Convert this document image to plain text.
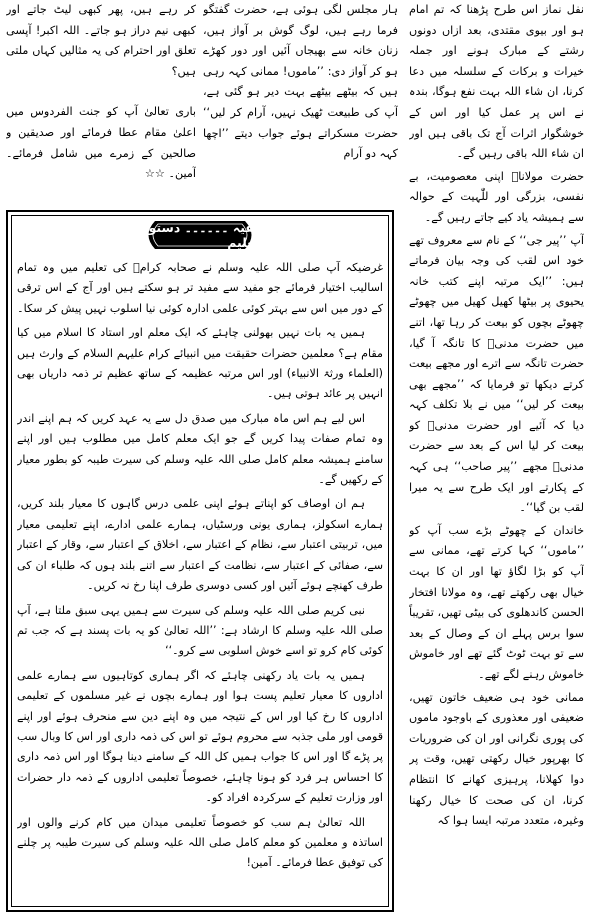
نفل نماز اس طرح پڑھنا کہ تم امام ہو اور بیوی مقتدی، بعد ازاں دونوں رشتے کے مبارک ہونے اور جملہ خیرات و برکات کے سلسلہ میں دعا کرنا، ان شاء اللہ بہت نفع ہوگا، بندہ نے اس پر عمل کیا اور اس کے خوشگوار اثرات آج تک باقی ہیں اور ان شاء اللہ باقی رہیں گے۔

حضرت مولاناؒ اپنی معصومیت، بے نفسی، بزرگی اور للّٰہیت کے حوالہ سے ہمیشہ یاد کیے جاتے رہیں گے۔

آپ ’’پیر جی‘‘ کے نام سے معروف تھے خود اس لقب کی وجہ بیان فرماتے ہیں: ’’ایک مرتبہ اپنے کتب خانہ یحیوی پر بیٹھا کھیل کھیل میں چھوٹے چھوٹے بچوں کو بیعت کر رہا تھا، اتنے میں حضرت مدنیؒ کا تانگہ آ گیا، حضرت تانگہ سے اترے اور مجھے بیعت کرتے دیکھا تو فرمایا کہ ’’مجھے بھی بیعت کر لیں‘‘ میں نے بلا تکلف کہہ دیا کہ آئیے اور حضرت مدنیؒ کو بیعت کر لیا اس کے بعد سے حضرت مدنیؒ مجھے ’’پیر صاحب‘‘ ہی کہہ کے پکارتے اور ایک طرح سے یہ میرا لقب بن گیا‘‘۔

خاندان کے چھوٹے بڑے سب آپ کو ’’ماموں‘‘ کہا کرتے تھے، ممانی سے آپ کو بڑا لگاؤ تھا اور ان کا بہت خیال بھی رکھتے تھے، وہ مولانا افتخار الحسن کاندھلوی کی بیٹی تھیں، تقریباً سوا برس پہلے ان کے وصال کے بعد سے تو بہت ٹوٹ گئے تھے اور خاموش خاموش رہنے لگے تھے۔

ممانی خود ہی ضعیف خاتون تھیں، ضعیفی اور معذوری کے باوجود ماموں کی پوری نگرانی اور ان کی ضروریات کا بھرپور خیال رکھتی تھیں، وقت پر دوا کھلانا، پرہیزی کھانے کا انتظام کرنا، ان کی صحت کا خیال رکھنا وغیرہ، متعدد مرتبہ ایسا ہوا کہ

ہار مجلس لگی ہوئی ہے، حضرت گفتگو فرما رہے ہیں، لوگ گوش بر آواز ہیں، زنان خانہ سے بھیجاں آئیں اور دور کھڑے ہو کر آواز دی: ’’ماموں! ممانی کہہ رہی ہیں کہ بیٹھے بیٹھے بہت دیر ہو گئی ہے، آپ کی طبیعت ٹھیک نہیں، آرام کر لیں‘‘ حضرت مسکراتے ہوئے جواب دیتے ’’اچھا کہہ دو آرام

کر رہے ہیں، پھر کبھی لیٹ جاتے اور کبھی نیم دراز ہو جاتے۔ اللہ اکبر! آپسی تعلق اور احترام کی یہ مثالیں کہاں ملتی ہیں؟

باری تعالیٰ آپ کو جنت الفردوس میں اعلیٰ مقام عطا فرمائے اور صدیقین و صالحین کے زمرے میں شامل فرمائے۔ آمین۔ ☆☆

بقیہ ۔۔۔۔۔۔ دستور تعلیم

غرضیکہ آپ صلی اللہ علیہ وسلم نے صحابہ کرامؓ کی تعلیم میں وہ تمام اسالیب اختیار فرمائے جو مفید سے مفید تر ہو سکتے ہیں اور آج کے اس ترقی کے دور میں اس سے بہتر کوئی علمی ادارہ کوئی نیا اسلوب نہیں پیش کر سکا۔

ہمیں یہ بات نہیں بھولنی چاہئے کہ ایک معلم اور استاد کا اسلام میں کیا مقام ہے؟ معلمین حضرات حقیقت میں انبیائے کرام علیہم السلام کے وارث ہیں (العلماء ورثۃ الانبیاء) اور اس مرتبہ عظیمہ کے ساتھ عظیم تر ذمہ داریاں بھی انہیں پر عائد ہوتی ہیں۔

اس لیے ہم اس ماہ مبارک میں صدق دل سے یہ عہد کریں کہ ہم اپنے اندر وہ تمام صفات پیدا کریں گے جو ایک معلم کامل میں مطلوب ہیں اور اپنے سامنے ہمیشہ معلم کامل صلی اللہ علیہ وسلم کی سیرت طیبہ کو بطور معیار کے رکھیں گے۔

ہم ان اوصاف کو اپناتے ہوئے اپنی علمی درس گاہوں کا معیار بلند کریں، ہمارے اسکولز، ہماری یونی ورسٹیاں، ہمارے علمی ادارے، اپنے تعلیمی معیار میں، تربیتی اعتبار سے، نظام کے اعتبار سے، اخلاق کے اعتبار سے، وقار کے اعتبار سے، صفائی کے اعتبار سے، نظامت کے اعتبار سے اتنے بلند ہوں کہ طلباء ان کی طرف کھنچے ہوئے آئیں اور کسی دوسری طرف اپنا رخ نہ کریں۔

نبی کریم صلی اللہ علیہ وسلم کی سیرت سے ہمیں یہی سبق ملتا ہے، آپ صلی اللہ علیہ وسلم کا ارشاد ہے: ’’اللہ تعالیٰ کو یہ بات پسند ہے کہ جب تم کوئی کام کرو تو اسے خوش اسلوبی سے کرو۔‘‘

ہمیں یہ بات یاد رکھنی چاہئے کہ اگر ہماری کوتاہیوں سے ہمارے علمی اداروں کا معیار تعلیم پست ہوا اور ہمارے بچوں نے غیر مسلموں کے تعلیمی اداروں کا رخ کیا اور اس کے نتیجہ میں وہ اپنے دین سے منحرف ہوئے اور اپنے قومی اور ملی جذبہ سے محروم ہوئے تو اس کی ذمہ داری اور اس کا وبال سب پر پڑے گا اور اس کا جواب ہمیں کل اللہ کے سامنے دینا ہوگا اور اس ذمہ داری کا احساس ہر فرد کو ہونا چاہئے، خصوصاً تعلیمی اداروں کے ذمہ دار حضرات اور وزارت تعلیم کے سرکردہ افراد کو۔

اللہ تعالیٰ ہم سب کو خصوصاً تعلیمی میدان میں کام کرنے والوں اور اساتذہ و معلمین کو معلم کامل صلی اللہ علیہ وسلم کی سیرت طیبہ پر چلنے کی توفیق عطا فرمائے۔ آمین!
